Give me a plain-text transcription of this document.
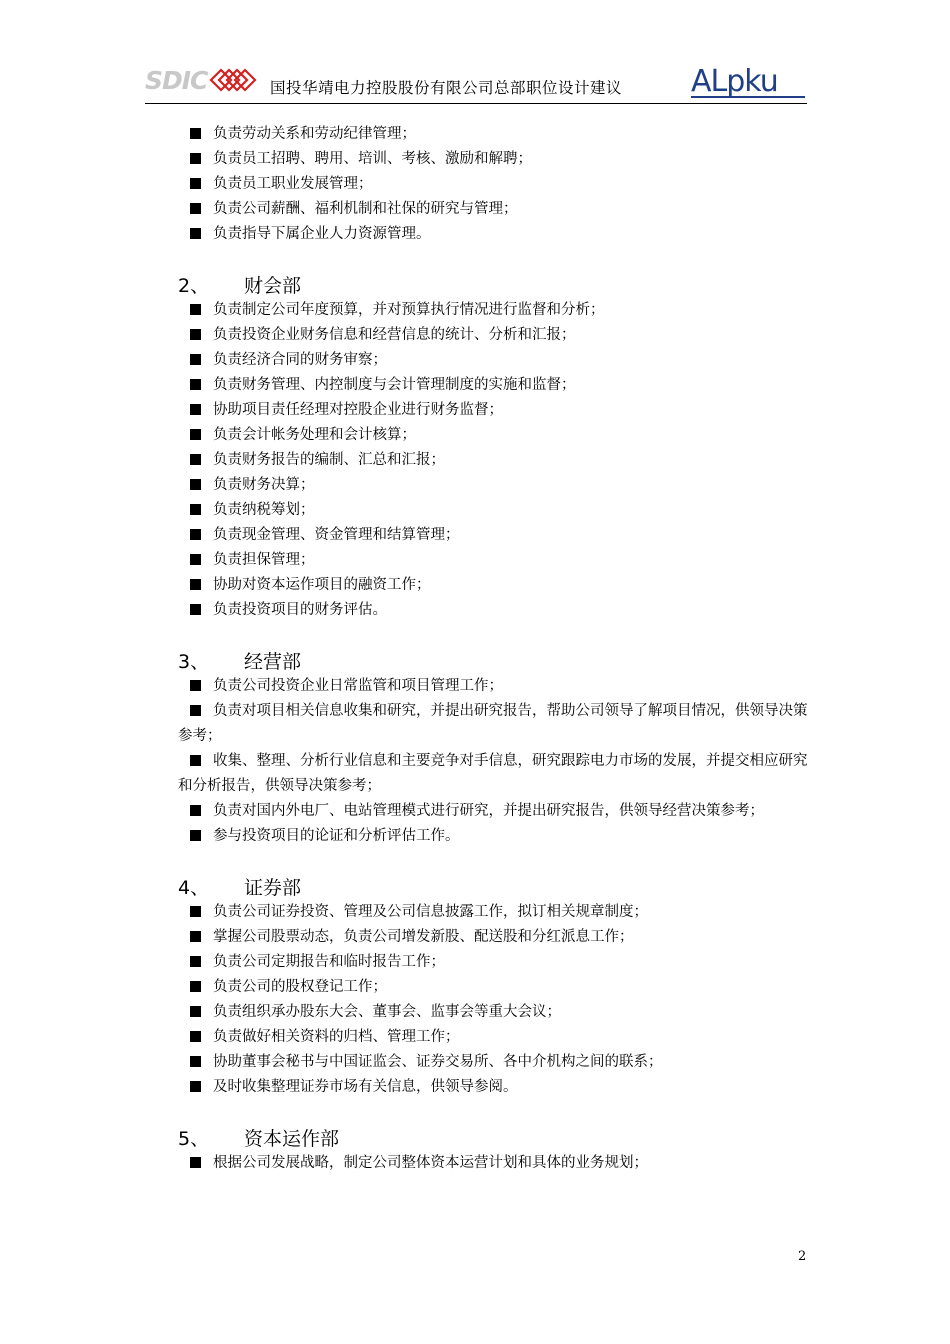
SDIC	国投华靖电力控股股份有限公司总部职位设计建议 ALpku
负责劳动关系和劳动纪律管理；
负责员工招聘、聘用、培训、考核、激励和解聘；
负责员工职业发展管理；
负责公司薪酬、福利机制和社保的研究与管理；
负责指导下属企业人力资源管理。
2、 财会部
负责制定公司年度预算，并对预算执行情况进行监督和分析；
负责投资企业财务信息和经营信息的统计、分析和汇报；
负责经济合同的财务审察；
负责财务管理、内控制度与会计管理制度的实施和监督；
协助项目责任经理对控股企业进行财务监督；
负责会计帐务处理和会计核算；
负责财务报告的编制、汇总和汇报；
负责财务决算；
负责纳税筹划；
负责现金管理、资金管理和结算管理；
负责担保管理；
协助对资本运作项目的融资工作；
负责投资项目的财务评估。
3、 经营部
负责公司投资企业日常监管和项目管理工作；
负责对项目相关信息收集和研究，并提出研究报告，帮助公司领导了解项目情况，供领导决策参考；
收集、整理、分析行业信息和主要竞争对手信息，研究跟踪电力市场的发展，并提交相应研究和分析报告，供领导决策参考；
负责对国内外电厂、电站管理模式进行研究，并提出研究报告，供领导经营决策参考；
参与投资项目的论证和分析评估工作。
4、 证券部
负责公司证券投资、管理及公司信息披露工作，拟订相关规章制度；
掌握公司股票动态，负责公司增发新股、配送股和分红派息工作；
负责公司定期报告和临时报告工作；
负责公司的股权登记工作；
负责组织承办股东大会、董事会、监事会等重大会议；
负责做好相关资料的归档、管理工作；
协助董事会秘书与中国证监会、证券交易所、各中介机构之间的联系；
及时收集整理证券市场有关信息，供领导参阅。
5、 资本运作部
根据公司发展战略，制定公司整体资本运营计划和具体的业务规划；
2
